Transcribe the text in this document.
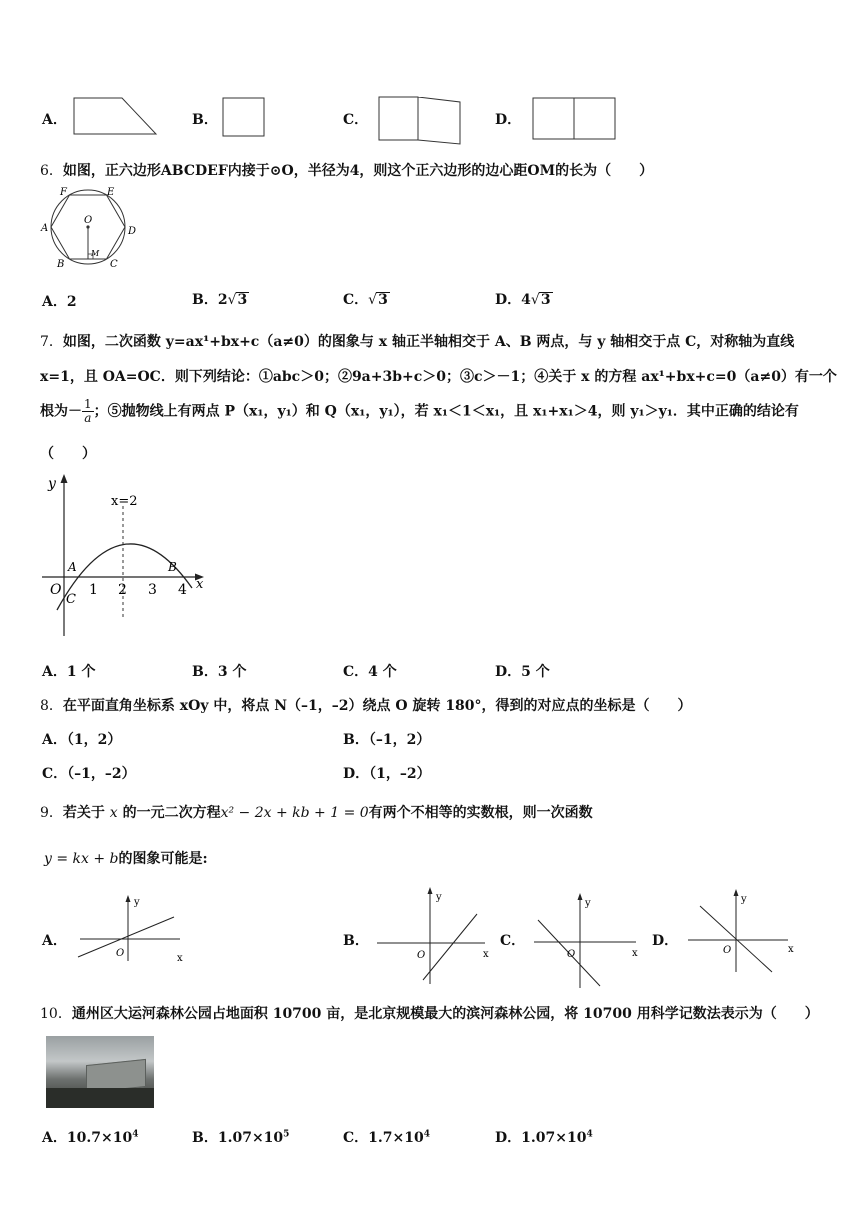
A．	B．	C．	D．
6．如图，正六边形ABCDEF内接于⊙O，半径为4，则这个正六边形的边心距OM的长为（　　）
A
B	C
D
E
F
O
M
A．2	B．2√3	C．√3	D．4√3
7．如图，二次函数 y=ax¹+bx+c（a≠0）的图象与 x 轴正半轴相交于 A、B 两点，与 y 轴相交于点 C，对称轴为直线
x=1，且 OA=OC．则下列结论：①abc＞0；②9a+3b+c＞0；③c＞－1；④关于 x 的方程 ax¹+bx+c=0（a≠0）有一个
根为－ $\frac{1}{a}$ ；⑤抛物线上有两点 P（x₁，y₁）和 Q（x₁，y₁），若 x₁＜1＜x₁，且 x₁+x₁＞4，则 y₁＞y₁．其中正确的结论有
（　　）
y
x
x=2
O
A	B
C
1 2 3 4
A．1 个	B．3 个	C．4 个	D．5 个
8．在平面直角坐标系 xOy 中，将点 N（–1，–2）绕点 O 旋转 180°，得到的对应点的坐标是（　　）
A．（1，2）	B．（–1，2）
C．（–1，–2）	D．（1，–2）
9．若关于 x 的一元二次方程x² − 2x + kb + 1 = 0有两个不相等的实数根，则一次函数
y = kx + b的图象可能是:
A．
y
x
O
B．
y
x
O
C．
y
x
O
D．
y
x
O
10．通州区大运河森林公园占地面积 10700 亩，是北京规模最大的滨河森林公园，将 10700 用科学记数法表示为（　　）
A．$10.7\times 10^4$	B．$1.07\times 10^5$	C．$1.7\times 10^4$	D．$1.07\times 10^4$
